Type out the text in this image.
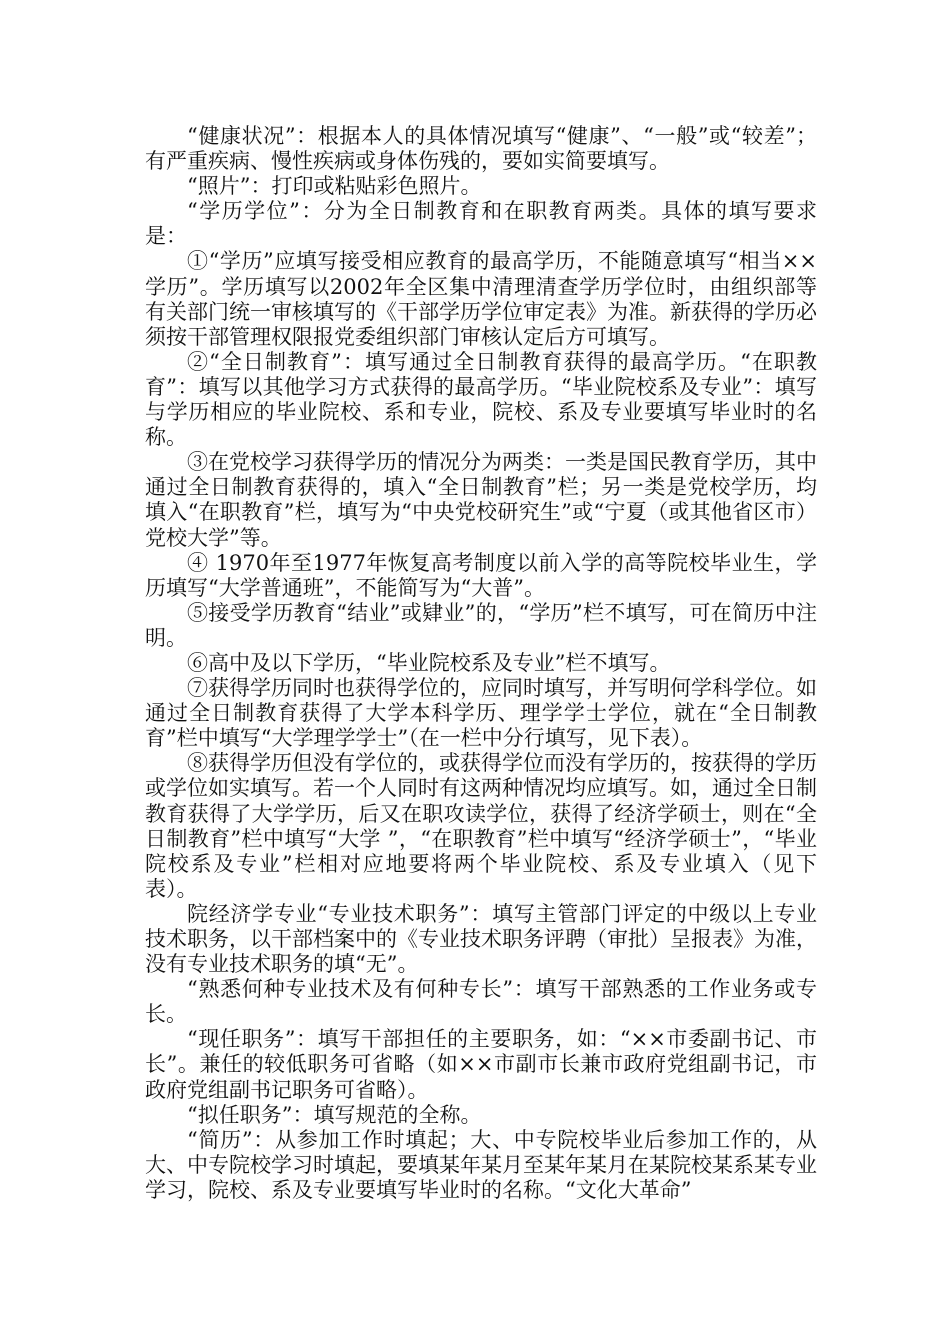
“健康状况”：根据本人的具体情况填写“健康”、“一般”或“较差”；有严重疾病、慢性疾病或身体伤残的，要如实简要填写。

“照片”：打印或粘贴彩色照片。

“学历学位”：分为全日制教育和在职教育两类。具体的填写要求是：

①“学历”应填写接受相应教育的最高学历，不能随意填写“相当××学历”。学历填写以2002年全区集中清理清查学历学位时，由组织部等有关部门统一审核填写的《干部学历学位审定表》为准。新获得的学历必须按干部管理权限报党委组织部门审核认定后方可填写。

②“全日制教育”：填写通过全日制教育获得的最高学历。“在职教育”：填写以其他学习方式获得的最高学历。“毕业院校系及专业”：填写与学历相应的毕业院校、系和专业，院校、系及专业要填写毕业时的名称。

③在党校学习获得学历的情况分为两类：一类是国民教育学历，其中通过全日制教育获得的，填入“全日制教育”栏；另一类是党校学历，均填入“在职教育”栏，填写为“中央党校研究生”或“宁夏（或其他省区市）党校大学”等。

④ 1970年至1977年恢复高考制度以前入学的高等院校毕业生，学历填写“大学普通班”，不能简写为“大普”。

⑤接受学历教育“结业”或肄业”的，“学历”栏不填写，可在简历中注明。

⑥高中及以下学历，“毕业院校系及专业”栏不填写。

⑦获得学历同时也获得学位的，应同时填写，并写明何学科学位。如通过全日制教育获得了大学本科学历、理学学士学位，就在“全日制教育”栏中填写“大学理学学士”（在一栏中分行填写，见下表）。

⑧获得学历但没有学位的，或获得学位而没有学历的，按获得的学历或学位如实填写。若一个人同时有这两种情况均应填写。如，通过全日制教育获得了大学学历，后又在职攻读学位，获得了经济学硕士，则在“全日制教育”栏中填写“大学 ”，“在职教育”栏中填写“经济学硕士”，“毕业院校系及专业”栏相对应地要将两个毕业院校、系及专业填入（见下表）。

院经济学专业“专业技术职务”：填写主管部门评定的中级以上专业技术职务，以干部档案中的《专业技术职务评聘（审批）呈报表》为准，没有专业技术职务的填“无”。

“熟悉何种专业技术及有何种专长”：填写干部熟悉的工作业务或专长。

“现任职务”：填写干部担任的主要职务，如：“××市委副书记、市长”。兼任的较低职务可省略（如××市副市长兼市政府党组副书记，市政府党组副书记职务可省略）。

“拟任职务”：填写规范的全称。

“简历”：从参加工作时填起；大、中专院校毕业后参加工作的，从大、中专院校学习时填起，要填某年某月至某年某月在某院校某系某专业学习，院校、系及专业要填写毕业时的名称。“文化大革命”
